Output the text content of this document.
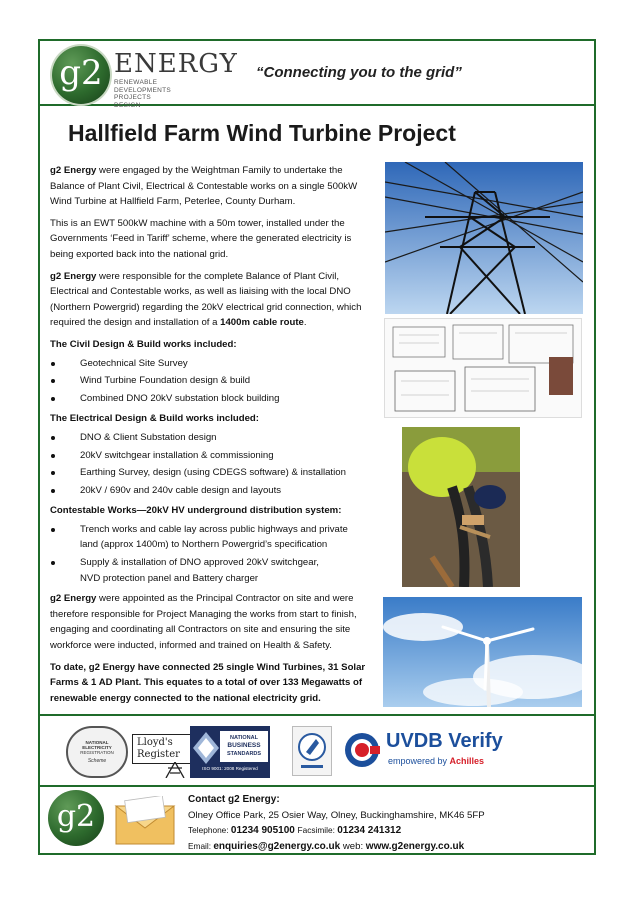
g2 ENERGY
RENEWABLE DEVELOPMENTS
PROJECTS
DESIGN
“Connecting you to the grid”
Hallfield Farm Wind Turbine Project

g2 Energy were engaged by the Weightman Family to undertake the Balance of Plant Civil, Electrical & Contestable works on a single 500kW Wind Turbine at Hallfield Farm, Peterlee, County Durham.

This is an EWT 500kW machine with a 50m tower, installed under the Governments ‘Feed in Tariff’ scheme, where the generated electricity is being exported back into the national grid.

g2 Energy were responsible for the complete Balance of Plant Civil, Electrical and Contestable works, as well as liaising with the local DNO (Northern Powergrid) regarding the 20kV electrical grid connection, which required the design and installation of a 1400m cable route.

The Civil Design & Build works included:
Geotechnical Site Survey
Wind Turbine Foundation design & build
Combined DNO 20kV substation block building
The Electrical Design & Build works included:
DNO & Client Substation design
20kV switchgear installation & commissioning
Earthing Survey, design (using CDEGS software) & installation
20kV / 690v and 240v cable design and layouts
Contestable Works—20kV HV underground distribution system:
Trench works and cable lay across public highways and private
land (approx 1400m) to Northern Powergrid’s specification
Supply & installation of DNO approved 20kV switchgear,
NVD protection panel and Battery charger

g2 Energy were appointed as the Principal Contractor on site and were therefore responsible for Project Managing the works from start to finish, engaging and coordinating all Contractors on site and ensuring the site workforce were inducted, informed and trained on Health & Safety.

To date, g2 Energy have connected 25 single Wind Turbines, 31 Solar Farms & 1 AD Plant. This equates to a total of over 133 Megawatts of renewable energy connected to the national electricity grid.

NATIONAL ELECTRICITY
REGISTRATION
Scheme
Lloyd's
Register
NATIONAL
BUSINESS
STANDARDS
ISO 9001: 2008 Registered
UVDB Verify
empowered by Achilles
g2	Contact g2 Energy:
Olney Office Park, 25 Osier Way, Olney, Buckinghamshire, MK46 5FP
Telephone: 01234 905100 Facsimile: 01234 241312
Email: enquiries@g2energy.co.uk web: www.g2energy.co.uk
